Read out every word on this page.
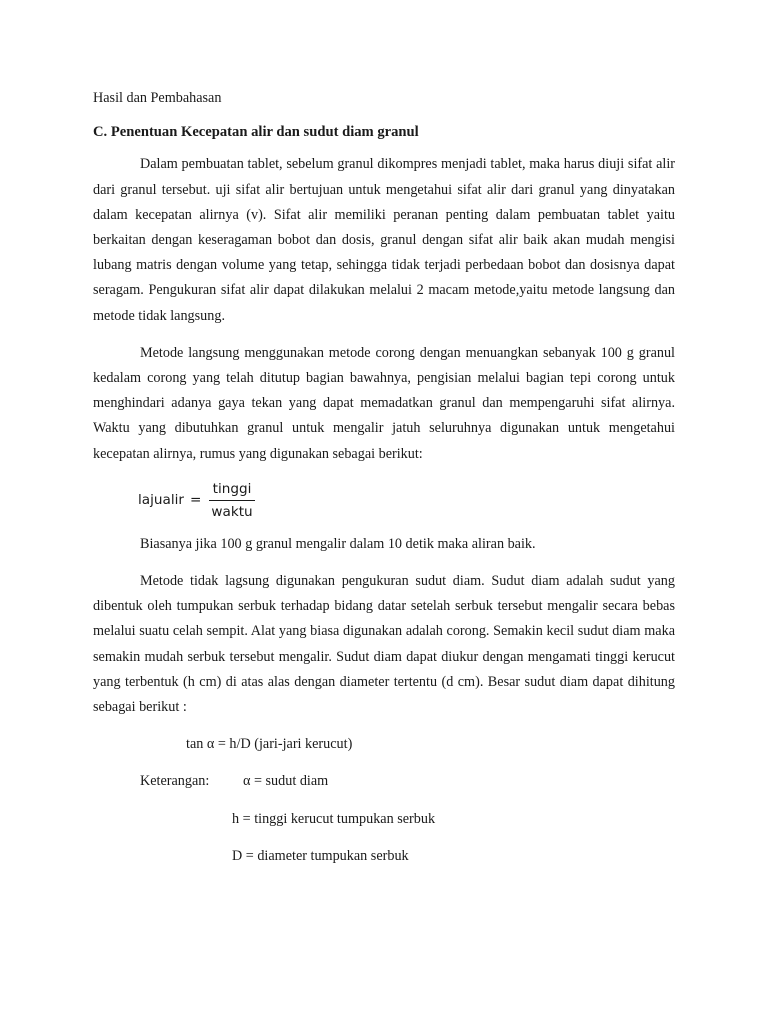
Hasil dan Pembahasan

C. Penentuan Kecepatan alir dan sudut diam granul

Dalam pembuatan tablet, sebelum granul dikompres menjadi tablet, maka harus diuji sifat alir dari granul tersebut. uji sifat alir bertujuan untuk mengetahui sifat alir dari granul yang dinyatakan dalam kecepatan alirnya (v). Sifat alir memiliki peranan penting dalam pembuatan tablet yaitu berkaitan dengan keseragaman bobot dan dosis, granul dengan sifat alir baik akan mudah mengisi lubang matris dengan volume yang tetap, sehingga tidak terjadi perbedaan bobot dan dosisnya dapat seragam. Pengukuran sifat alir dapat dilakukan melalui 2 macam metode,yaitu metode langsung dan metode tidak langsung.

Metode langsung menggunakan metode corong dengan menuangkan sebanyak 100 g granul kedalam corong yang telah ditutup bagian bawahnya, pengisian melalui bagian tepi corong untuk menghindari adanya gaya tekan yang dapat memadatkan granul dan mempengaruhi sifat alirnya. Waktu yang dibutuhkan granul untuk mengalir jatuh seluruhnya digunakan untuk mengetahui kecepatan alirnya, rumus yang digunakan sebagai berikut:

lajualir = $\frac{\text{tinggi}}{\text{waktu}}$

Biasanya jika 100 g granul mengalir dalam 10 detik maka aliran baik.

Metode tidak lagsung digunakan pengukuran sudut diam. Sudut diam adalah sudut yang dibentuk oleh tumpukan serbuk terhadap bidang datar setelah serbuk tersebut mengalir secara bebas melalui suatu celah sempit. Alat yang biasa digunakan adalah corong. Semakin kecil sudut diam maka semakin mudah serbuk tersebut mengalir. Sudut diam dapat diukur dengan mengamati tinggi kerucut yang terbentuk (h cm) di atas alas dengan diameter tertentu (d cm). Besar sudut diam dapat dihitung sebagai berikut :

tan α = h/D (jari-jari kerucut)

Keterangan:	α = sudut diam

h = tinggi kerucut tumpukan serbuk

D = diameter tumpukan serbuk
